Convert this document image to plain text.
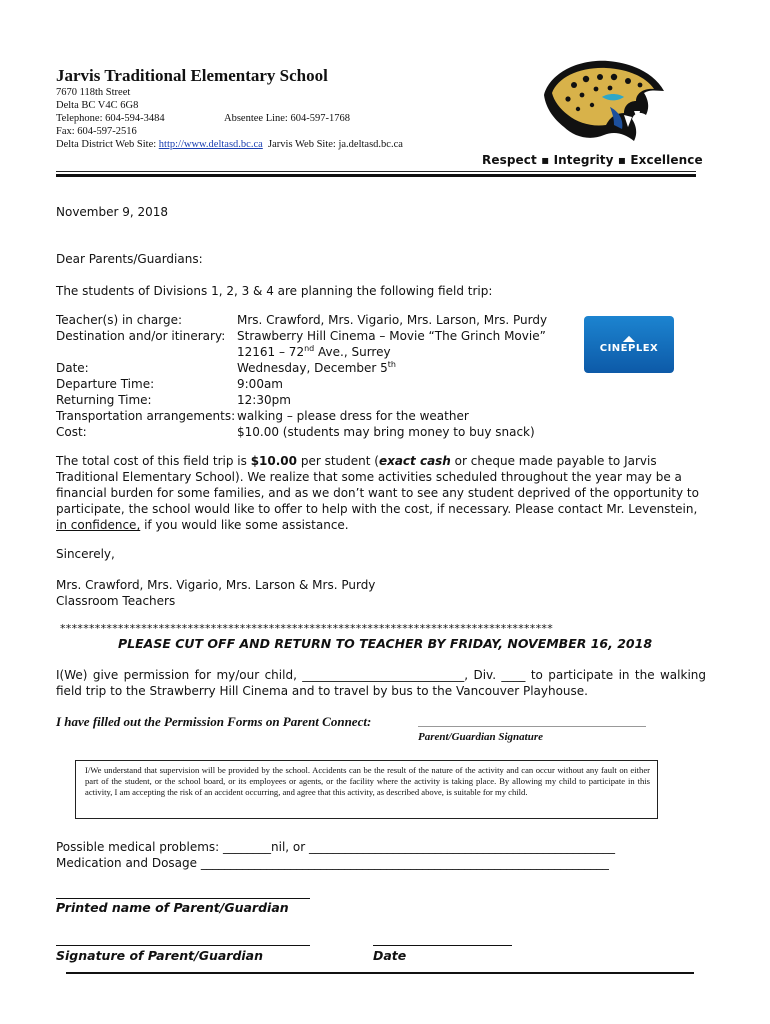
Jarvis Traditional Elementary School
7670 118th Street
Delta BC V4C 6G8
Telephone: 604-594-3484	Absentee Line: 604-597-1768
Fax: 604-597-2516
Delta District Web Site: http://www.deltasd.bc.ca Jarvis Web Site: ja.deltasd.bc.ca
Respect ▪ Integrity ▪ Excellence
November 9, 2018
Dear Parents/Guardians:
The students of Divisions 1, 2, 3 & 4 are planning the following field trip:
Teacher(s) in charge:	Mrs. Crawford, Mrs. Vigario, Mrs. Larson, Mrs. Purdy
Destination and/or itinerary: Strawberry Hill Cinema – Movie “The Grinch Movie”
12161 – 72nd Ave., Surrey
Date:	Wednesday, December 5th
Departure Time:	9:00am
Returning Time:	12:30pm
Transportation arrangements: walking – please dress for the weather
Cost:	$10.00 (students may bring money to buy snack)
◢◣
CINEPLEX
The total cost of this field trip is $10.00 per student (exact cash or cheque made payable to Jarvis Traditional Elementary School). We realize that some activities scheduled throughout the year may be a financial burden for some families, and as we don’t want to see any student deprived of the opportunity to participate, the school would like to offer to help with the cost, if necessary. Please contact Mr. Levenstein, in confidence, if you would like some assistance.
Sincerely,
Mrs. Crawford, Mrs. Vigario, Mrs. Larson & Mrs. Purdy
Classroom Teachers
*************************************************************************************
PLEASE CUT OFF AND RETURN TO TEACHER BY FRIDAY, NOVEMBER 16, 2018
I(We) give permission for my/our child, ___________________________, Div. ____ to participate in the walking field trip to the Strawberry Hill Cinema and to travel by bus to the Vancouver Playhouse.
I have filled out the Permission Forms on Parent Connect:
Parent/Guardian Signature
I/We understand that supervision will be provided by the school. Accidents can be the result of the nature of the activity and can occur without any fault on either part of the student, or the school board, or its employees or agents, or the facility where the activity is taking place. By allowing my child to participate in this activity, I am accepting the risk of an accident occurring, and agree that this activity, as described above, is suitable for my child.
Possible medical problems: ________nil, or ___________________________________________________
Medication and Dosage ____________________________________________________________________
Printed name of Parent/Guardian
Signature of Parent/Guardian	Date
